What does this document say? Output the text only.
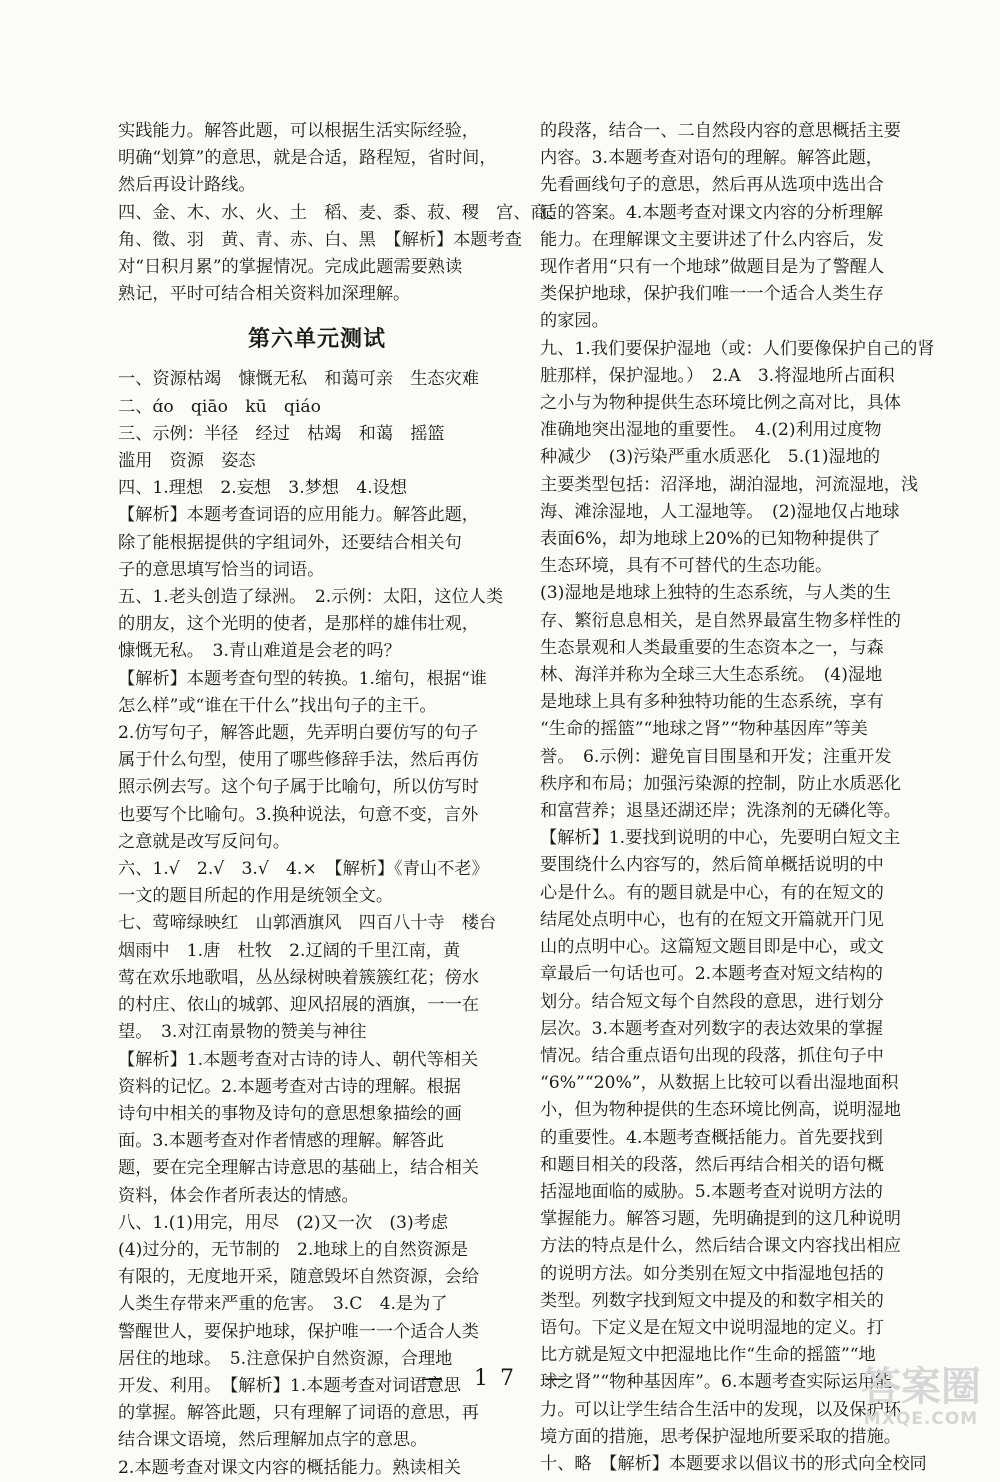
实践能力。解答此题，可以根据生活实际经验，
明确“划算”的意思，就是合适，路程短，省时间，
然后再设计路线。
四、金、木、水、火、土　稻、麦、黍、菽、稷　宫、商、
角、徵、羽　黄、青、赤、白、黑　【解析】本题考查
对“日积月累”的掌握情况。完成此题需要熟读
熟记，平时可结合相关资料加深理解。
第六单元测试
一、资源枯竭　慷慨无私　和蔼可亲　生态灾难
二、ɑ́o　qiāo　kū　qiáo
三、示例：半径　经过　枯竭　和蔼　摇篮
滥用　资源　姿态
四、1.理想　2.妄想　3.梦想　4.设想
【解析】本题考查词语的应用能力。解答此题，
除了能根据提供的字组词外，还要结合相关句
子的意思填写恰当的词语。
五、1.老头创造了绿洲。　2.示例：太阳，这位人类
的朋友，这个光明的使者，是那样的雄伟壮观，
慷慨无私。　3.青山难道是会老的吗？
【解析】本题考查句型的转换。1.缩句，根据“谁
怎么样”或“谁在干什么”找出句子的主干。
2.仿写句子，解答此题，先弄明白要仿写的句子
属于什么句型，使用了哪些修辞手法，然后再仿
照示例去写。这个句子属于比喻句，所以仿写时
也要写个比喻句。3.换种说法，句意不变，言外
之意就是改写反问句。
六、1.√　2.√　3.√　4.×　【解析】《青山不老》
一文的题目所起的作用是统领全文。
七、莺啼绿映红　山郭酒旗风　四百八十寺　楼台
烟雨中　1.唐　杜牧　2.辽阔的千里江南，黄
莺在欢乐地歌唱，丛丛绿树映着簇簇红花；傍水
的村庄、依山的城郭、迎风招展的酒旗，一一在
望。　3.对江南景物的赞美与神往
【解析】1.本题考查对古诗的诗人、朝代等相关
资料的记忆。2.本题考查对古诗的理解。根据
诗句中相关的事物及诗句的意思想象描绘的画
面。3.本题考查对作者情感的理解。解答此
题，要在完全理解古诗意思的基础上，结合相关
资料，体会作者所表达的情感。
八、1.(1)用完，用尽　(2)又一次　(3)考虑
(4)过分的，无节制的　2.地球上的自然资源是
有限的，无度地开采，随意毁坏自然资源，会给
人类生存带来严重的危害。　3.C　4.是为了
警醒世人，要保护地球，保护唯一一个适合人类
居住的地球。　5.注意保护自然资源，合理地
开发、利用。　【解析】1.本题考查对词语意思
的掌握。解答此题，只有理解了词语的意思，再
结合课文语境，然后理解加点字的意思。
2.本题考查对课文内容的概括能力。熟读相关
的段落，结合一、二自然段内容的意思概括主要
内容。3.本题考查对语句的理解。解答此题，
先看画线句子的意思，然后再从选项中选出合
适的答案。4.本题考查对课文内容的分析理解
能力。在理解课文主要讲述了什么内容后，发
现作者用“只有一个地球”做题目是为了警醒人
类保护地球，保护我们唯一一个适合人类生存
的家园。
九、1.我们要保护湿地（或：人们要像保护自己的肾
脏那样，保护湿地。）　2.A　3.将湿地所占面积
之小与为物种提供生态环境比例之高对比，具体
准确地突出湿地的重要性。　4.(2)利用过度物
种减少　(3)污染严重水质恶化　5.(1)湿地的
主要类型包括：沼泽地，湖泊湿地，河流湿地，浅
海、滩涂湿地，人工湿地等。　(2)湿地仅占地球
表面6%，却为地球上20%的已知物种提供了
生态环境，具有不可替代的生态功能。
(3)湿地是地球上独特的生态系统，与人类的生
存、繁衍息息相关，是自然界最富生物多样性的
生态景观和人类最重要的生态资本之一，与森
林、海洋并称为全球三大生态系统。　(4)湿地
是地球上具有多种独特功能的生态系统，享有
“生命的摇篮”“地球之肾”“物种基因库”等美
誉。　6.示例：避免盲目围垦和开发；注重开发
秩序和布局；加强污染源的控制，防止水质恶化
和富营养；退垦还湖还岸；洗涤剂的无磷化等。
【解析】1.要找到说明的中心，先要明白短文主
要围绕什么内容写的，然后简单概括说明的中
心是什么。有的题目就是中心，有的在短文的
结尾处点明中心，也有的在短文开篇就开门见
山的点明中心。这篇短文题目即是中心，或文
章最后一句话也可。2.本题考查对短文结构的
划分。结合短文每个自然段的意思，进行划分
层次。3.本题考查对列数字的表达效果的掌握
情况。结合重点语句出现的段落，抓住句子中
“6%”“20%”，从数据上比较可以看出湿地面积
小，但为物种提供的生态环境比例高，说明湿地
的重要性。4.本题考查概括能力。首先要找到
和题目相关的段落，然后再结合相关的语句概
括湿地面临的威胁。5.本题考查对说明方法的
掌握能力。解答习题，先明确提到的这几种说明
方法的特点是什么，然后结合课文内容找出相应
的说明方法。如分类别在短文中指湿地包括的
类型。列数字找到短文中提及的和数字相关的
语句。下定义是在短文中说明湿地的定义。打
比方就是短文中把湿地比作“生命的摇篮”“地
球之肾”“物种基因库”。6.本题考查实际运用能
力。可以让学生结合生活中的发现，以及保护环
境方面的措施，思考保护湿地所要采取的措施。
十、略　【解析】本题要求以倡议书的形式向全校同
— 17 —	答案圈
MXQE.COM
